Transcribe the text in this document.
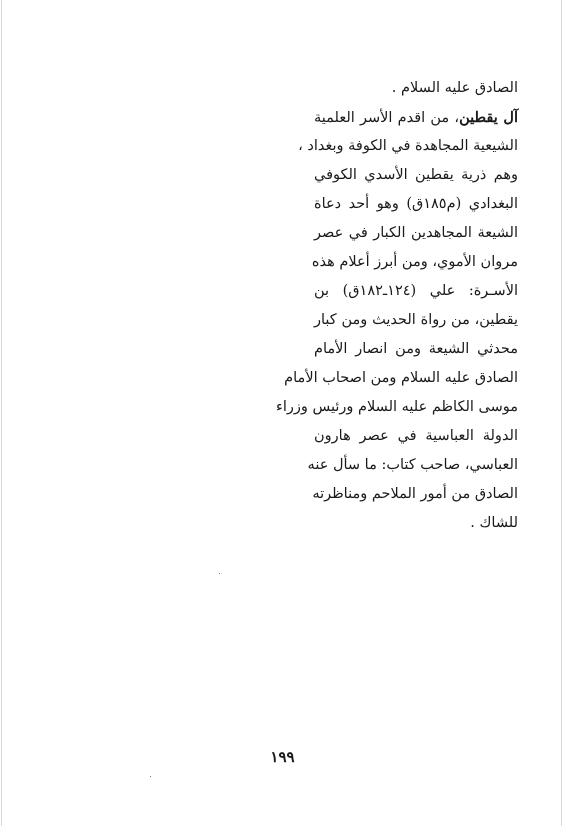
الصادق عليه السلام .
آل يقطين، من اقدم الأسر العلمية
الشيعية المجاهدة في الكوفة وبغداد ،
وهم ذرية يقطين الأسدي الكوفي
البغدادي (م١٨٥ق) وهو أحد دعاة
الشيعة المجاهدين الكبار في عصر
مروان الأموي، ومن أبرز أعلام هذه
الأسـرة: علي (١٢٤ـ١٨٢ق) بن
يقطين، من رواة الحديث ومن كبار
محدثي الشيعة ومن انصار الأمام
الصادق عليه السلام ومن اصحاب الأمام
موسى الكاظم عليه السلام ورئيس وزراء
الدولة العباسية في عصر هارون
العباسي، صاحب كتاب: ما سأل عنه
الصادق من أمور الملاحم ومناظرته
للشاك .
١٩٩
